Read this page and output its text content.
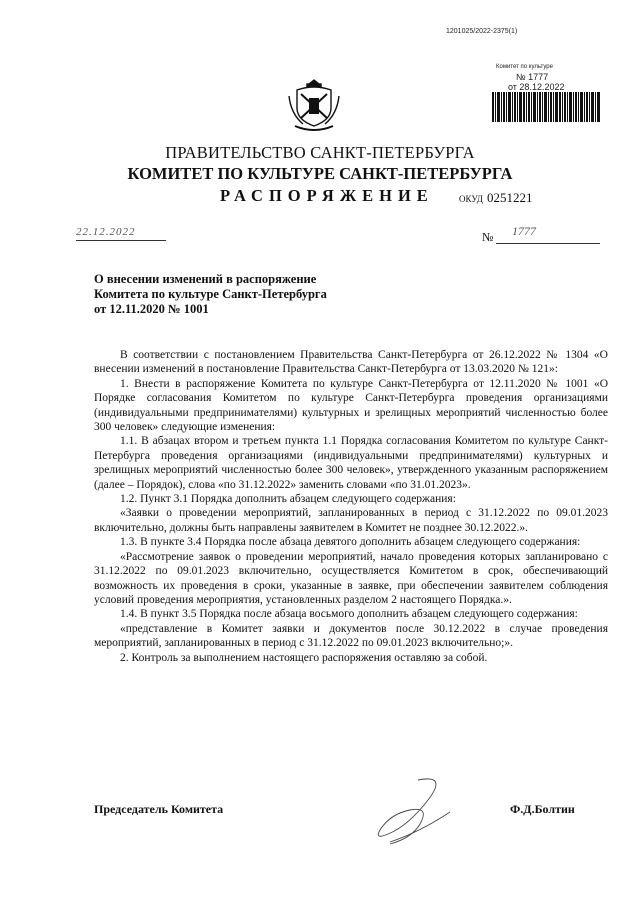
1201025/2022-2375(1)
Комитет по культуре
№ 1777
от 28.12.2022
ПРАВИТЕЛЬСТВО САНКТ-ПЕТЕРБУРГА
КОМИТЕТ ПО КУЛЬТУРЕ САНКТ-ПЕТЕРБУРГА
РАСПОРЯЖЕНИЕ	ОКУД 0251221
22.12.2022	№ 1777
О внесении изменений в распоряжение
Комитета по культуре Санкт-Петербурга
от 12.11.2020 № 1001

В соответствии с постановлением Правительства Санкт-Петербурга от 26.12.2022 № 1304 «О внесении изменений в постановление Правительства Санкт-Петербурга от 13.03.2020 № 121»:

1. Внести в распоряжение Комитета по культуре Санкт-Петербурга от 12.11.2020 № 1001 «О Порядке согласования Комитетом по культуре Санкт-Петербурга проведения организациями (индивидуальными предпринимателями) культурных и зрелищных мероприятий численностью более 300 человек» следующие изменения:

1.1. В абзацах втором и третьем пункта 1.1 Порядка согласования Комитетом по культуре Санкт-Петербурга проведения организациями (индивидуальными предпринимателями) культурных и зрелищных мероприятий численностью более 300 человек», утвержденного указанным распоряжением (далее – Порядок), слова «по 31.12.2022» заменить словами «по 31.01.2023».

1.2. Пункт 3.1 Порядка дополнить абзацем следующего содержания:

«Заявки о проведении мероприятий, запланированных в период с 31.12.2022 по 09.01.2023 включительно, должны быть направлены заявителем в Комитет не позднее 30.12.2022.».

1.3. В пункте 3.4 Порядка после абзаца девятого дополнить абзацем следующего содержания:

«Рассмотрение заявок о проведении мероприятий, начало проведения которых запланировано с 31.12.2022 по 09.01.2023 включительно, осуществляется Комитетом в срок, обеспечивающий возможность их проведения в сроки, указанные в заявке, при обеспечении заявителем соблюдения условий проведения мероприятия, установленных разделом 2 настоящего Порядка.».

1.4. В пункт 3.5 Порядка после абзаца восьмого дополнить абзацем следующего содержания:

«представление в Комитет заявки и документов после 30.12.2022 в случае проведения мероприятий, запланированных в период с 31.12.2022 по 09.01.2023 включительно;».

2. Контроль за выполнением настоящего распоряжения оставляю за собой.

Председатель Комитета	Ф.Д.Болтин
